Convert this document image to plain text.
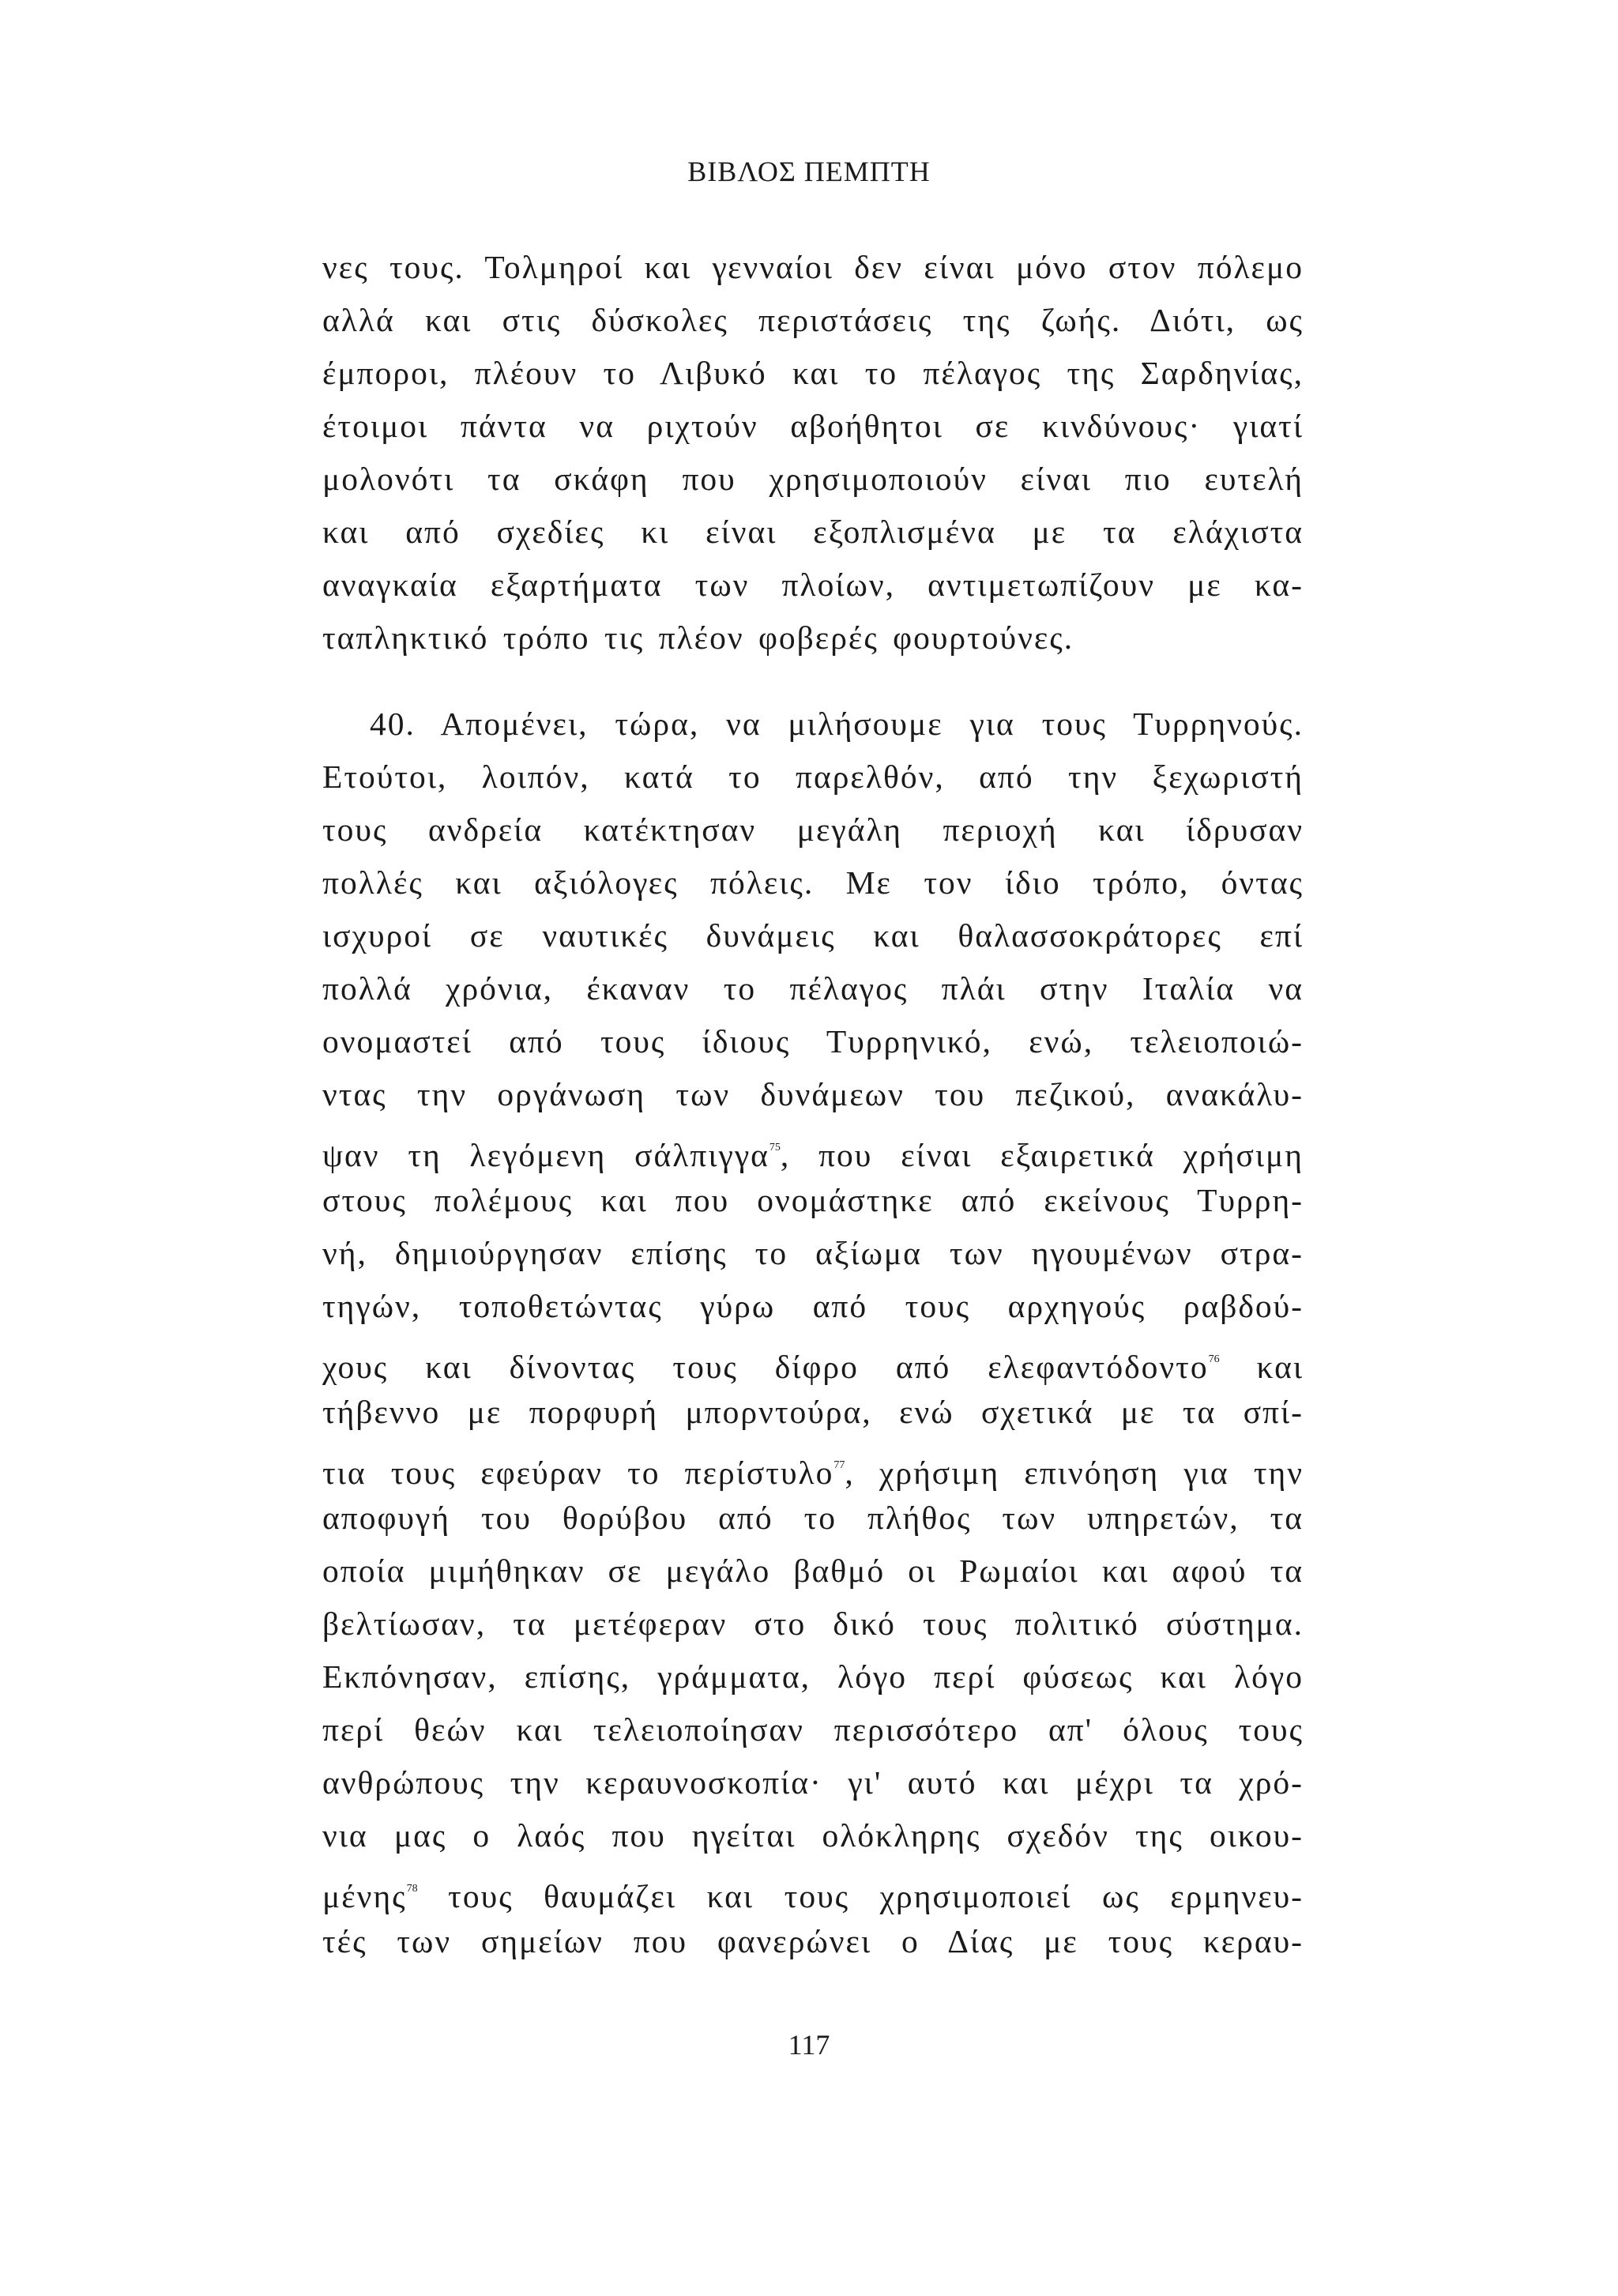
ΒΙΒΛΟΣ ΠΕΜΠΤΗ
νες τους. Τολμηροί και γενναίοι δεν είναι μόνο στον πόλεμο
αλλά και στις δύσκολες περιστάσεις της ζωής. Διότι, ως
έμποροι, πλέουν το Λιβυκό και το πέλαγος της Σαρδηνίας,
έτοιμοι πάντα να ριχτούν αβοήθητοι σε κινδύνους· γιατί
μολονότι τα σκάφη που χρησιμοποιούν είναι πιο ευτελή
και από σχεδίες κι είναι εξοπλισμένα με τα ελάχιστα
αναγκαία εξαρτήματα των πλοίων, αντιμετωπίζουν με κα-
ταπληκτικό τρόπο τις πλέον φοβερές φουρτούνες.
40. Απομένει, τώρα, να μιλήσουμε για τους Τυρρηνούς.
Ετούτοι, λοιπόν, κατά το παρελθόν, από την ξεχωριστή
τους ανδρεία κατέκτησαν μεγάλη περιοχή και ίδρυσαν
πολλές και αξιόλογες πόλεις. Με τον ίδιο τρόπο, όντας
ισχυροί σε ναυτικές δυνάμεις και θαλασσοκράτορες επί
πολλά χρόνια, έκαναν το πέλαγος πλάι στην Ιταλία να
ονομαστεί από τους ίδιους Τυρρηνικό, ενώ, τελειοποιώ-
ντας την οργάνωση των δυνάμεων του πεζικού, ανακάλυ-
ψαν τη λεγόμενη σάλπιγγα$^{75}$, που είναι εξαιρετικά χρήσιμη
στους πολέμους και που ονομάστηκε από εκείνους Τυρρη-
νή, δημιούργησαν επίσης το αξίωμα των ηγουμένων στρα-
τηγών, τοποθετώντας γύρω από τους αρχηγούς ραβδού-
χους και δίνοντας τους δίφρο από ελεφαντόδοντο$^{76}$ και
τήβεννο με πορφυρή μπορντούρα, ενώ σχετικά με τα σπί-
τια τους εφεύραν το περίστυλο$^{77}$, χρήσιμη επινόηση για την
αποφυγή του θορύβου από το πλήθος των υπηρετών, τα
οποία μιμήθηκαν σε μεγάλο βαθμό οι Ρωμαίοι και αφού τα
βελτίωσαν, τα μετέφεραν στο δικό τους πολιτικό σύστημα.
Εκπόνησαν, επίσης, γράμματα, λόγο περί φύσεως και λόγο
περί θεών και τελειοποίησαν περισσότερο απ' όλους τους
ανθρώπους την κεραυνοσκοπία· γι' αυτό και μέχρι τα χρό-
νια μας ο λαός που ηγείται ολόκληρης σχεδόν της οικου-
μένης$^{78}$ τους θαυμάζει και τους χρησιμοποιεί ως ερμηνευ-
τές των σημείων που φανερώνει ο Δίας με τους κεραυ-
117
